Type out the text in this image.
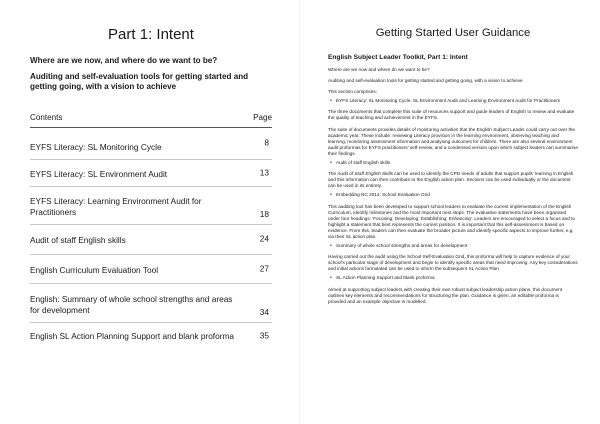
Part 1: Intent
Where are we now, and where do we want to be?
Auditing and self-evaluation tools for getting started and getting going, with a vision to achieve
Contents	Page
EYFS Literacy: SL Monitoring Cycle	8
EYFS Literacy: SL Environment Audit	13
EYFS Literacy: Learning Environment Audit for Practitioners	18
Audit of staff English skills	24
English Curriculum Evaluation Tool	27
English: Summary of whole school strengths and areas for development	34
English SL Action Planning Support and blank proforma	35
Getting Started User Guidance
English Subject Leader Toolkit, Part 1: Intent

Where are we now and where do we want to be?

Auditing and self-evaluation tools for getting started and getting going, with a vision to achieve

This section comprises:

• EYFS Literacy: SL Monitoring Cycle, SL Environment Audit and Learning Environment Audit for Practitioners

The three documents that complete this suite of resources support and guide leaders of English to review and evaluate the quality of teaching and achievement in the EYFS.

The suite of documents provides details of monitoring activities that the English Subject Leader could carry out over the academic year. These include: reviewing Literacy provision in the learning environment, observing teaching and learning, monitoring assessment information and analysing outcomes for children. There are also several environment audit proformas for EYFS practitioners' self-review, and a condensed version upon which subject leaders can summarise their findings.

• Audit of staff English skills

The Audit of Staff English Skills can be used to identify the CPD needs of adults that support pupils' learning in English and this information can then contribute to the English action plan. Sections can be used individually or the document can be used in its entirety.

• Embedding NC 2014: School Evaluation Grid

This auditing tool has been developed to support school leaders to evaluate the current implementation of the English Curriculum, identify milestones and the most important next steps. The evaluative statements have been organised under four headings: 'Focusing; Developing; Establishing; Enhancing'. Leaders are encouraged to select a focus and to highlight a statement that best represents the current position. It is important that this self-assessment is based on evidence. From this, leaders can then evaluate the broader picture and identify specific aspects to improve further, e.g. via their SL action plan.

• Summary of whole school strengths and areas for development

Having carried out the audit using the School Self-Evaluation Grid, this proforma will help to capture evidence of your school's particular stage of development and begin to identify specific areas that need improving. Any key considerations and initial actions formulated can be used to inform the subsequent SL Action Plan.

• SL Action Planning Support and blank proforma

Aimed at supporting subject leaders with creating their own robust subject leadership action plans, this document outlines key elements and recommendations for structuring the plan. Guidance is given, an editable proforma is provided and an example objective is modelled.
